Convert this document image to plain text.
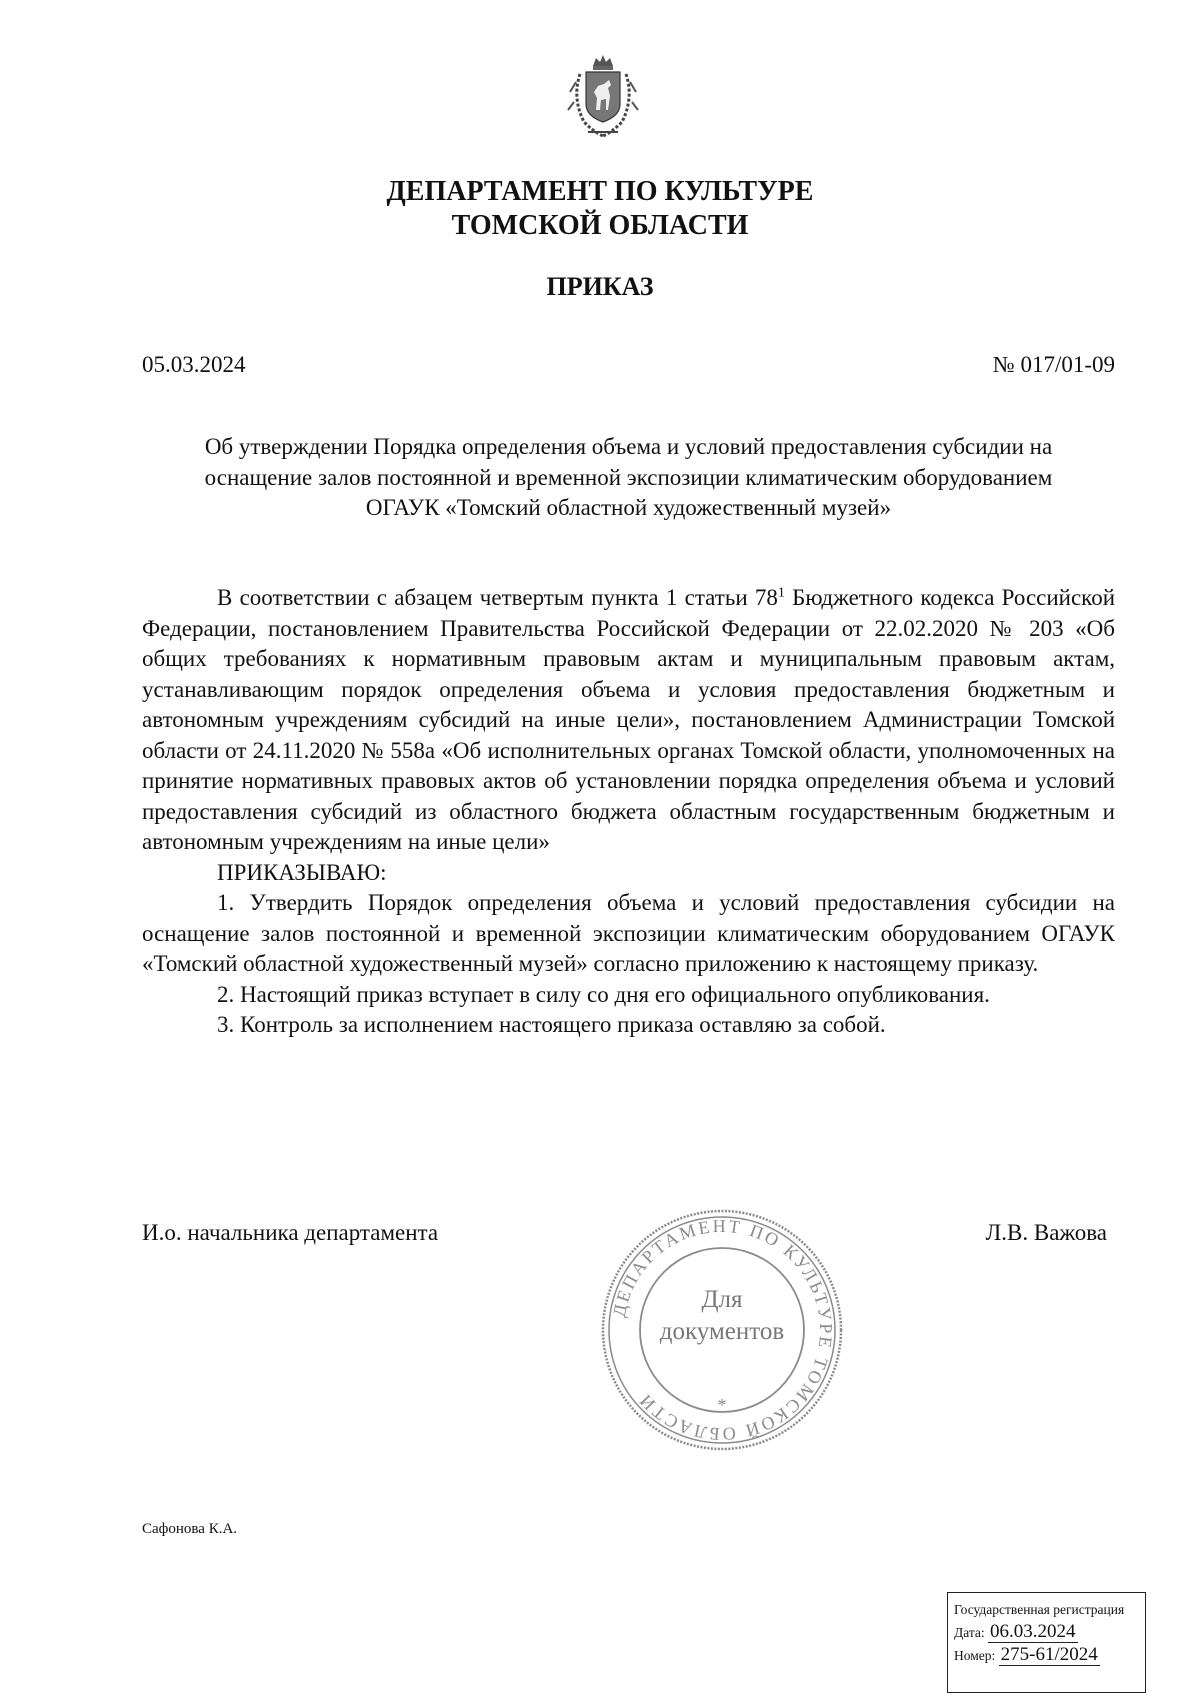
ДЕПАРТАМЕНТ ПО КУЛЬТУРЕ
ТОМСКОЙ ОБЛАСТИ
ПРИКАЗ
05.03.2024	№ 017/01-09
Об утверждении Порядка определения объема и условий предоставления субсидии на
оснащение залов постоянной и временной экспозиции климатическим оборудованием
ОГАУК «Томский областной художественный музей»

В соответствии с абзацем четвертым пункта 1 статьи $78^1$ Бюджетного кодекса Российской Федерации, постановлением Правительства Российской Федерации от 22.02.2020 № 203 «Об общих требованиях к нормативным правовым актам и муниципальным правовым актам, устанавливающим порядок определения объема и условия предоставления бюджетным и автономным учреждениям субсидий на иные цели», постановлением Администрации Томской области от 24.11.2020 № 558а «Об исполнительных органах Томской области, уполномоченных на принятие нормативных правовых актов об установлении порядка определения объема и условий предоставления субсидий из областного бюджета областным государственным бюджетным и автономным учреждениям на иные цели»

ПРИКАЗЫВАЮ:

1. Утвердить Порядок определения объема и условий предоставления субсидии на оснащение залов постоянной и временной экспозиции климатическим оборудованием ОГАУК «Томский областной художественный музей» согласно приложению к настоящему приказу.

2. Настоящий приказ вступает в силу со дня его официального опубликования.

3. Контроль за исполнением настоящего приказа оставляю за собой.

И.о. начальника департамента	Л.В. Важова
ДЕПАРТАМЕНТ ПО КУЛЬТУРЕ ТОМСКОЙ ОБЛАСТИ	*
Для
документов
Сафонова К.А.
Государственная регистрация
Дата: 06.03.2024
Номер: 275-61/2024
